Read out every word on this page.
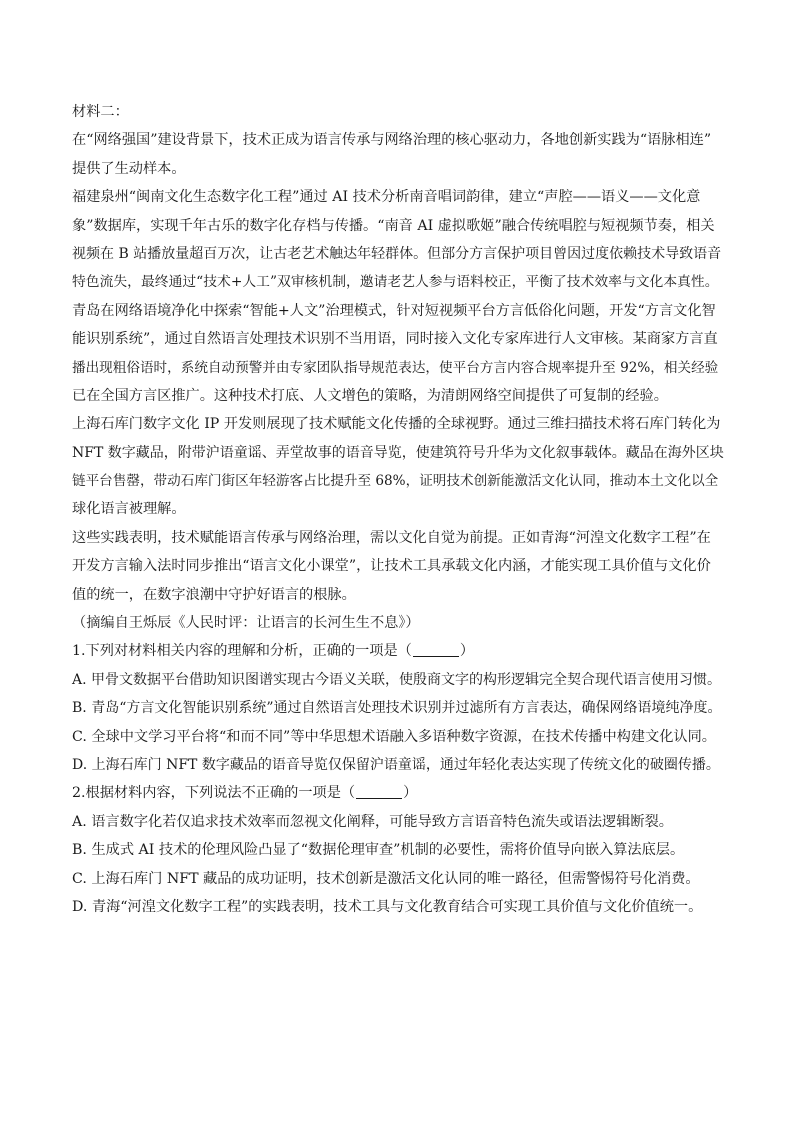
材料二：
在“网络强国”建设背景下，技术正成为语言传承与网络治理的核心驱动力，各地创新实践为“语脉相连”
提供了生动样本。
福建泉州“闽南文化生态数字化工程”通过 AI 技术分析南音唱词韵律，建立“声腔——语义——文化意
象”数据库，实现千年古乐的数字化存档与传播。“南音 AI 虚拟歌姬”融合传统唱腔与短视频节奏，相关
视频在 B 站播放量超百万次，让古老艺术触达年轻群体。但部分方言保护项目曾因过度依赖技术导致语音
特色流失，最终通过“技术+人工”双审核机制，邀请老艺人参与语料校正，平衡了技术效率与文化本真性。
青岛在网络语境净化中探索“智能+人文”治理模式，针对短视频平台方言低俗化问题，开发“方言文化智
能识别系统”，通过自然语言处理技术识别不当用语，同时接入文化专家库进行人文审核。某商家方言直
播出现粗俗语时，系统自动预警并由专家团队指导规范表达，使平台方言内容合规率提升至 92%，相关经验
已在全国方言区推广。这种技术打底、人文增色的策略，为清朗网络空间提供了可复制的经验。
上海石库门数字文化 IP 开发则展现了技术赋能文化传播的全球视野。通过三维扫描技术将石库门转化为
NFT 数字藏品，附带沪语童谣、弄堂故事的语音导览，使建筑符号升华为文化叙事载体。藏品在海外区块
链平台售罄，带动石库门街区年轻游客占比提升至 68%，证明技术创新能激活文化认同，推动本土文化以全
球化语言被理解。
这些实践表明，技术赋能语言传承与网络治理，需以文化自觉为前提。正如青海“河湟文化数字工程”在
开发方言输入法时同步推出“语言文化小课堂”，让技术工具承载文化内涵，才能实现工具价值与文化价
值的统一，在数字浪潮中守护好语言的根脉。
（摘编自王烁辰《人民时评：让语言的长河生生不息》）
1.下列对材料相关内容的理解和分析，正确的一项是（	）
A. 甲骨文数据平台借助知识图谱实现古今语义关联，使殷商文字的构形逻辑完全契合现代语言使用习惯。
B. 青岛“方言文化智能识别系统”通过自然语言处理技术识别并过滤所有方言表达，确保网络语境纯净度。
C. 全球中文学习平台将“和而不同”等中华思想术语融入多语种数字资源，在技术传播中构建文化认同。
D. 上海石库门 NFT 数字藏品的语音导览仅保留沪语童谣，通过年轻化表达实现了传统文化的破圈传播。
2.根据材料内容，下列说法不正确的一项是（	）
A. 语言数字化若仅追求技术效率而忽视文化阐释，可能导致方言语音特色流失或语法逻辑断裂。
B. 生成式 AI 技术的伦理风险凸显了“数据伦理审查”机制的必要性，需将价值导向嵌入算法底层。
C. 上海石库门 NFT 藏品的成功证明，技术创新是激活文化认同的唯一路径，但需警惕符号化消费。
D. 青海“河湟文化数字工程”的实践表明，技术工具与文化教育结合可实现工具价值与文化价值统一。
